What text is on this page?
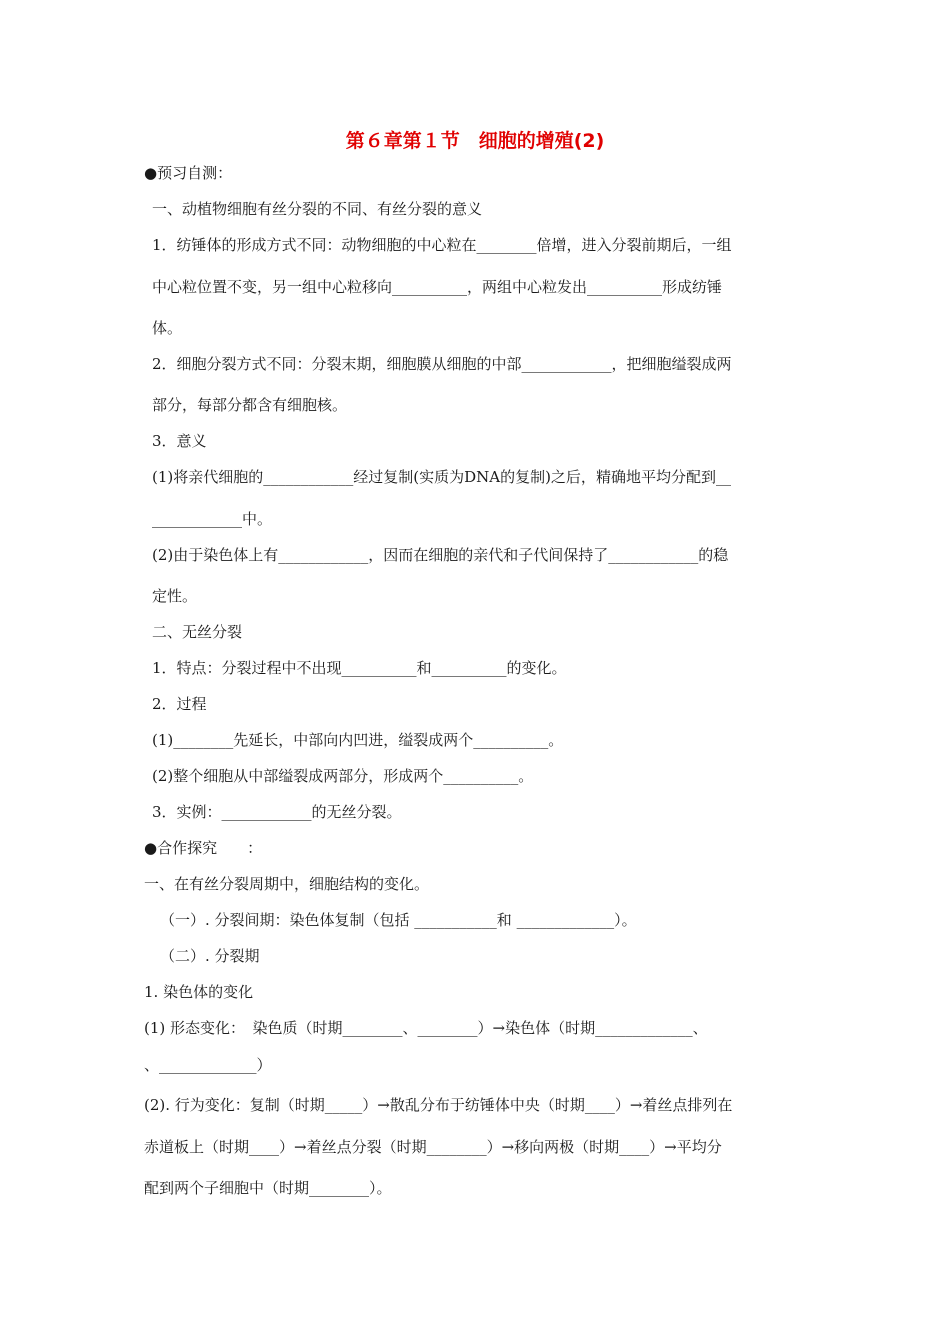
第６章第１节　细胞的增殖(2)
●预习自测：
一、动植物细胞有丝分裂的不同、有丝分裂的意义
1．纺锤体的形成方式不同：动物细胞的中心粒在________倍增，进入分裂前期后，一组
中心粒位置不变，另一组中心粒移向__________，两组中心粒发出__________形成纺锤
体。
2．细胞分裂方式不同：分裂末期，细胞膜从细胞的中部____________，把细胞缢裂成两
部分，每部分都含有细胞核。
3．意义
(1)将亲代细胞的____________经过复制(实质为DNA的复制)之后，精确地平均分配到__
____________中。
(2)由于染色体上有____________，因而在细胞的亲代和子代间保持了____________的稳
定性。
二、无丝分裂
1．特点：分裂过程中不出现__________和__________的变化。
2．过程
(1)________先延长，中部向内凹进，缢裂成两个__________。
(2)整个细胞从中部缢裂成两部分，形成两个__________。
3．实例：____________的无丝分裂。
●合作探究　　：
一、在有丝分裂周期中，细胞结构的变化。
（一）. 分裂间期：染色体复制（包括 ___________和 _____________）。
（二）. 分裂期
1. 染色体的变化
(1) 形态变化：　染色质（时期________、________）→染色体（时期_____________、
、_____________）
(2). 行为变化：复制（时期_____）→散乱分布于纺锤体中央（时期____）→着丝点排列在
赤道板上（时期____）→着丝点分裂（时期________）→移向两极（时期____）→平均分
配到两个子细胞中（时期________）。
